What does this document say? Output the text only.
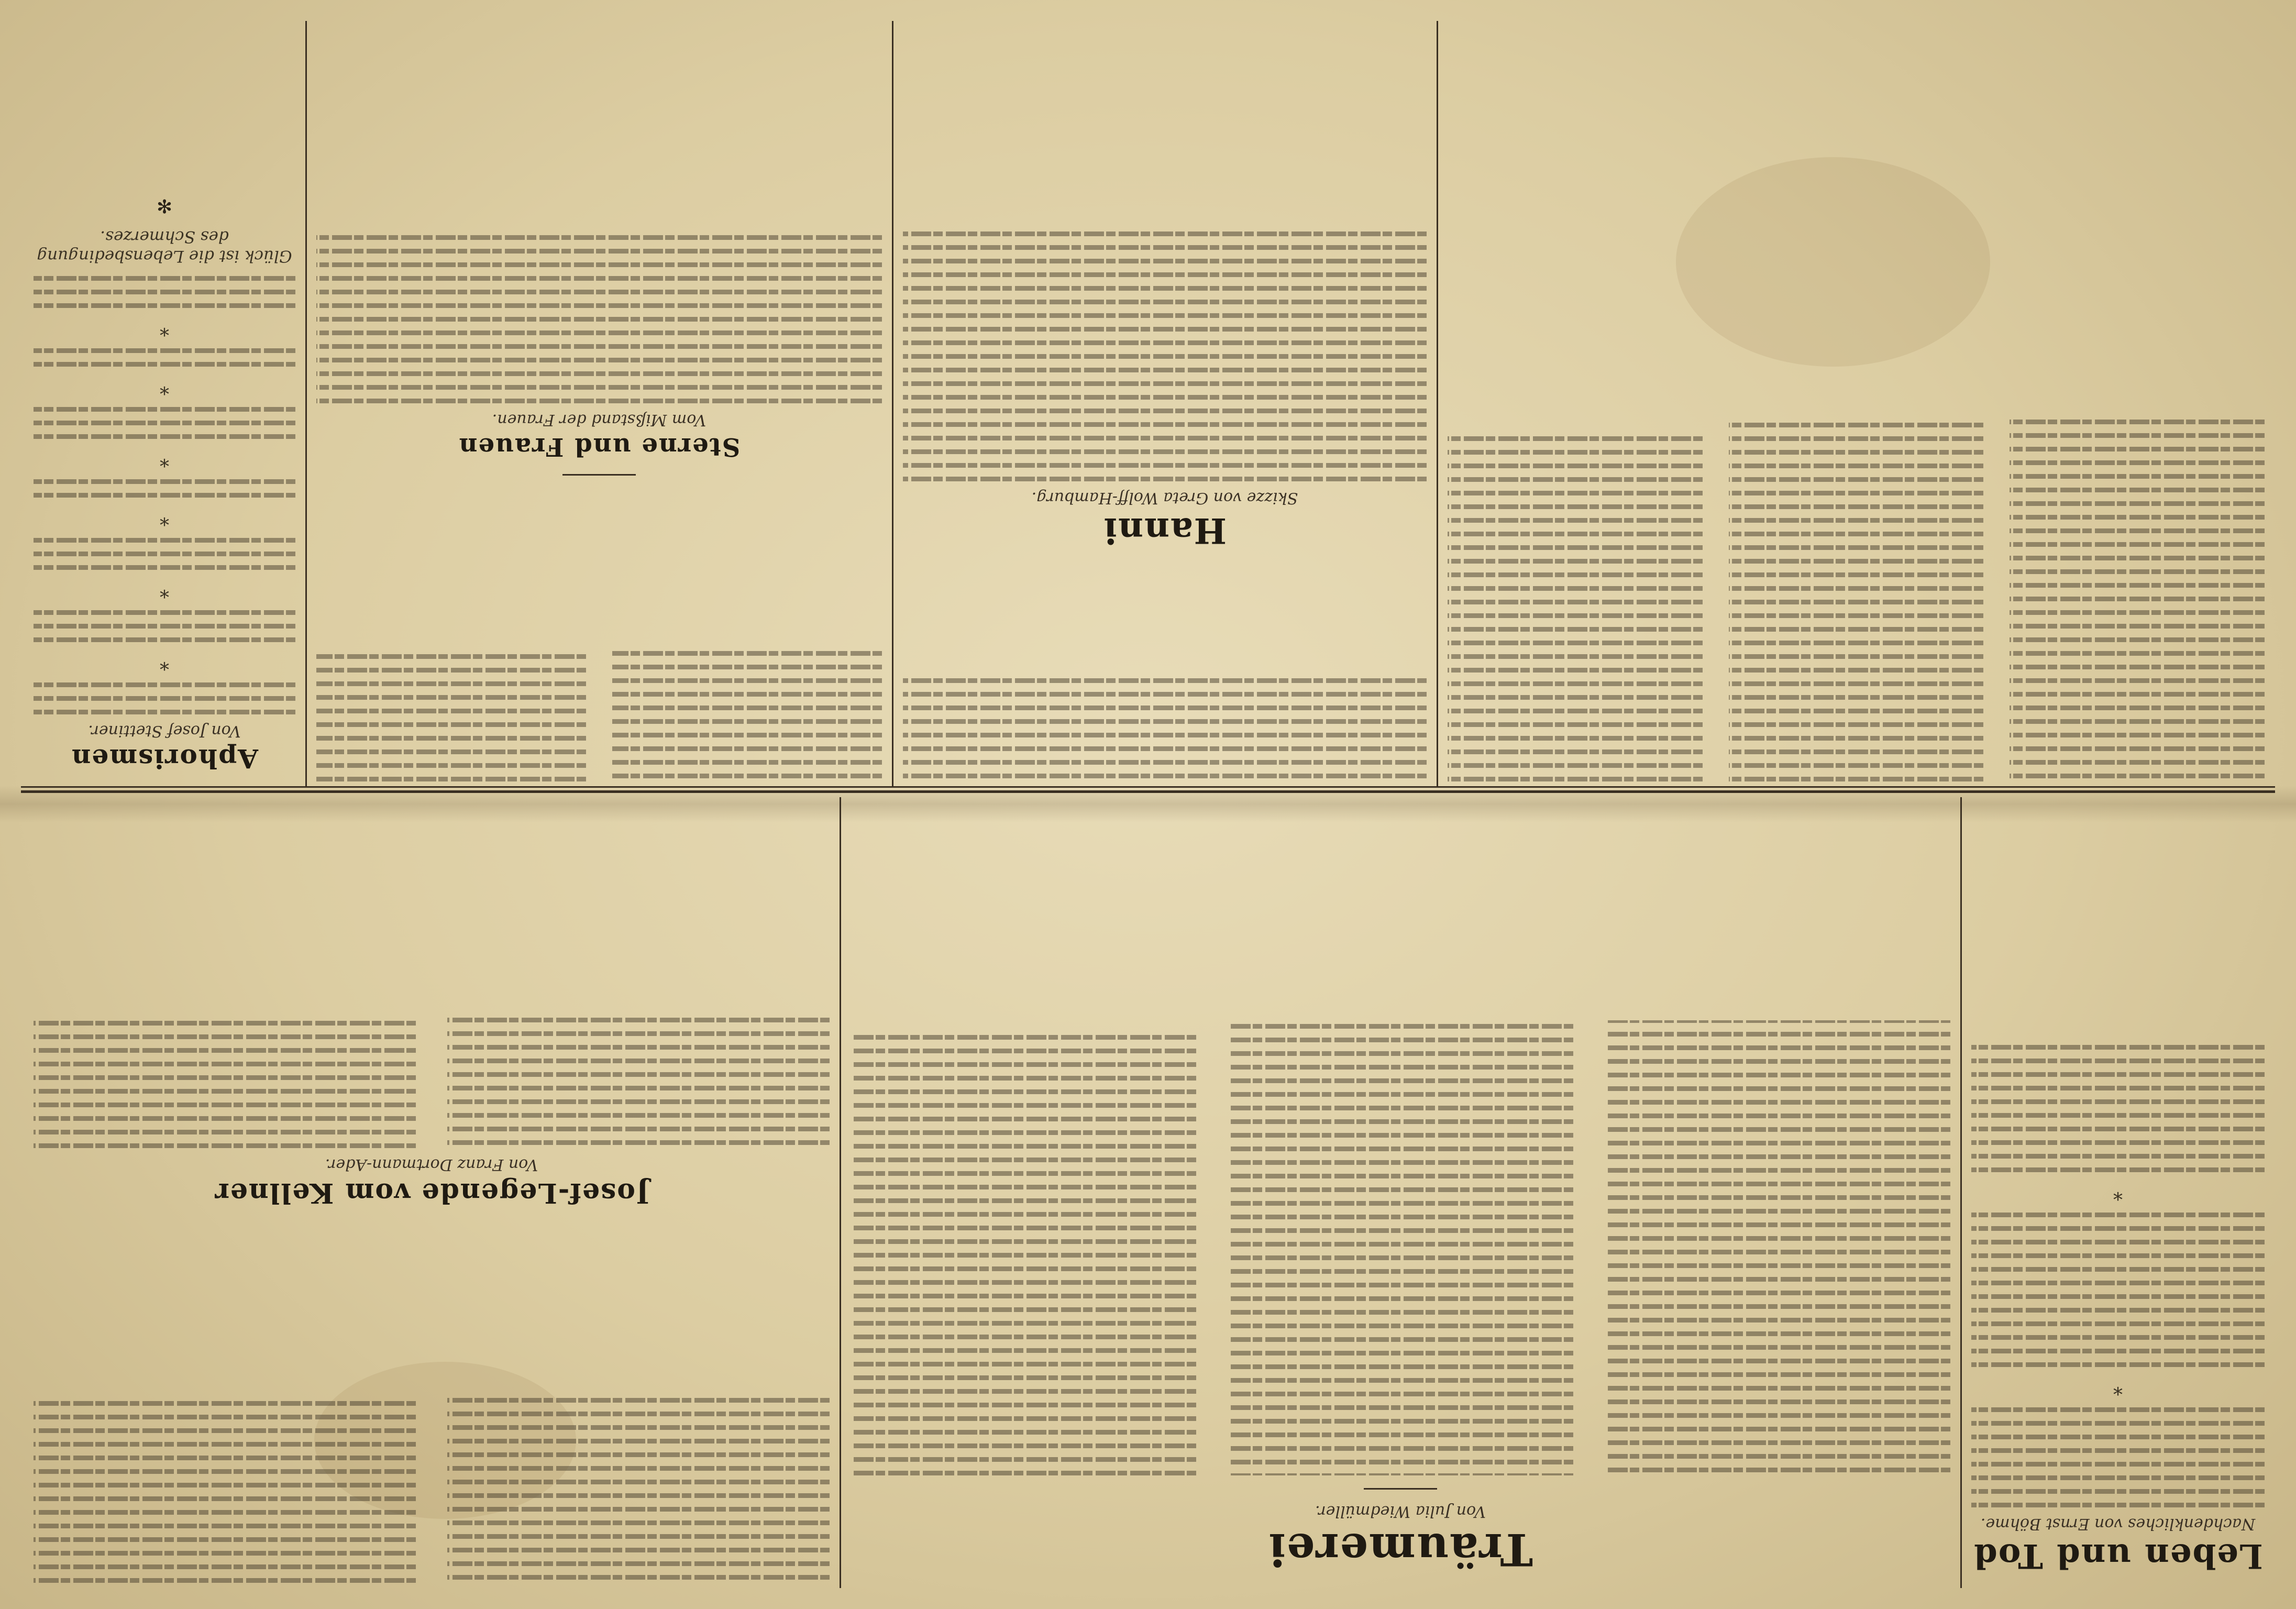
Leben und Tod
Nachdenkliches von Ernst Böhme.
*
*
Träumerei
Von Julia Wiedmüller.
Josef-Legende vom Kellner
Von Franz Dortmann-Ader.
Hanni
Skizze von Greta Wolff-Hamburg.
Sterne und Frauen
Vom Mißstand der Frauen.
Aphorismen
Von Josef Stettiner.
*
*
*
*
*
*
Glück ist die Lebensbedingung des Schmerzes.
✻
